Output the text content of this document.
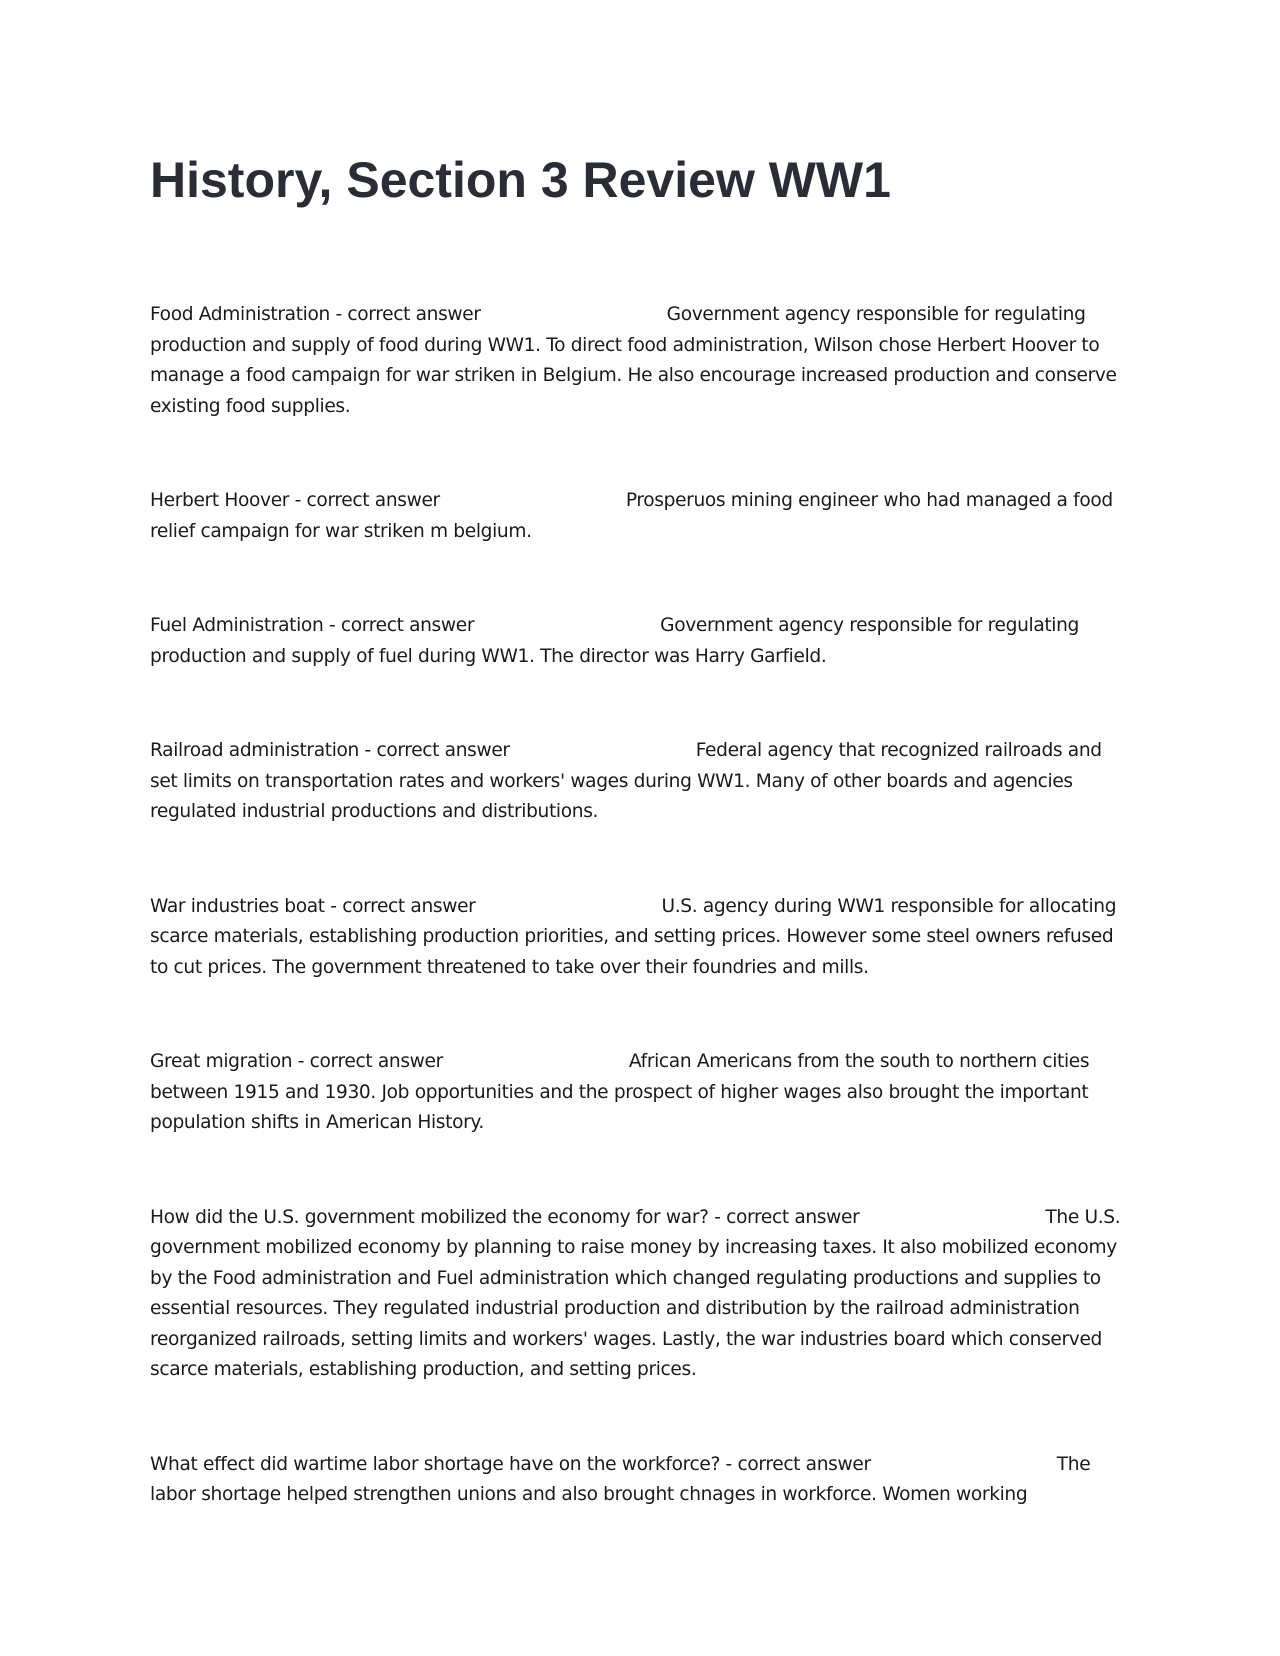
History, Section 3 Review WW1

Food Administration - correct answer	Government agency responsible for regulating production and supply of food during WW1. To direct food administration, Wilson chose Herbert Hoover to manage a food campaign for war striken in Belgium. He also encourage increased production and conserve existing food supplies.

Herbert Hoover - correct answer	Prosperuos mining engineer who had managed a food relief campaign for war striken m belgium.

Fuel Administration - correct answer	Government agency responsible for regulating production and supply of fuel during WW1. The director was Harry Garfield.

Railroad administration - correct answer	Federal agency that recognized railroads and set limits on transportation rates and workers' wages during WW1. Many of other boards and agencies regulated industrial productions and distributions.

War industries boat - correct answer	U.S. agency during WW1 responsible for allocating scarce materials, establishing production priorities, and setting prices. However some steel owners refused to cut prices. The government threatened to take over their foundries and mills.

Great migration - correct answer	African Americans from the south to northern cities between 1915 and 1930. Job opportunities and the prospect of higher wages also brought the important population shifts in American History.

How did the U.S. government mobilized the economy for war? - correct answer	The U.S. government mobilized economy by planning to raise money by increasing taxes. It also mobilized economy by the Food administration and Fuel administration which changed regulating productions and supplies to essential resources. They regulated industrial production and distribution by the railroad administration reorganized railroads, setting limits and workers' wages. Lastly, the war industries board which conserved scarce materials, establishing production, and setting prices.

What effect did wartime labor shortage have on the workforce? - correct answer	The labor shortage helped strengthen unions and also brought chnages in workforce. Women working
